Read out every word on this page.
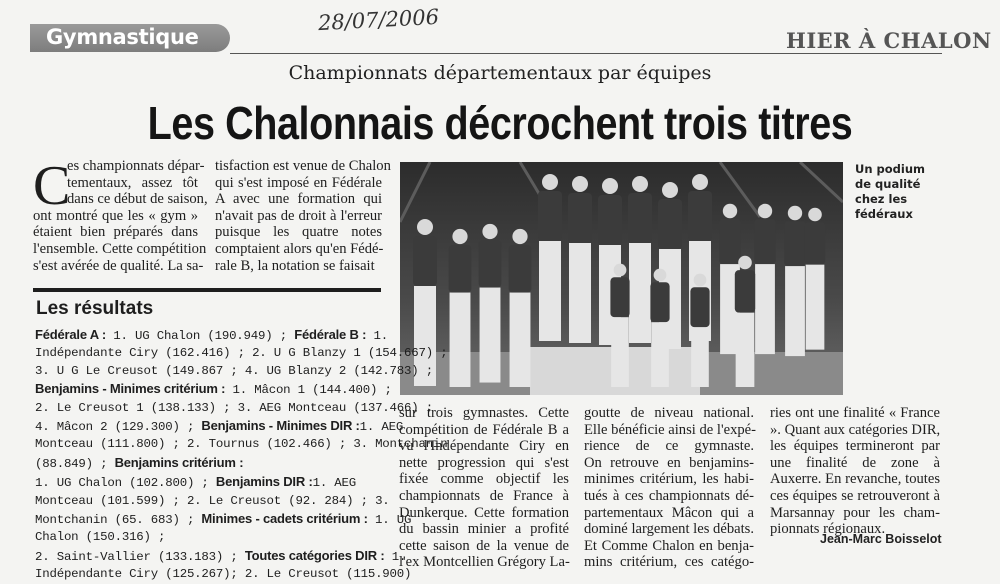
Gymnastique
28/07/2006
HIER À CHALON
Championnats départementaux par équipes
Les Chalonnais décrochent trois titres
C
es championnats dépar-
tementaux, assez tôt
dans ce début de saison,
ont montré que les « gym »
étaient bien préparés dans
l'ensemble. Cette compétition
s'est avérée de qualité. La sa-
tisfaction est venue de Chalon
qui s'est imposé en Fédérale
A avec une formation qui
n'avait pas de droit à l'erreur
puisque les quatre notes
comptaient alors qu'en Fédé-
rale B, la notation se faisait
sur trois gymnastes. Cette
compétition de Fédérale B a
vu l'Indépendante Ciry en
nette progression qui s'est
fixée comme objectif les
championnats de France à
Dunkerque. Cette formation
du bassin minier a profité
cette saison de la venue de
l'ex Montcellien Grégory La-
goutte de niveau national.
Elle bénéficie ainsi de l'expé-
rience de ce gymnaste.
On retrouve en benjamins-
minimes critérium, les habi-
tués à ces championnats dé-
partementaux Mâcon qui a
dominé largement les débats.
Et Comme Chalon en benja-
mins critérium, ces catégo-
ries ont une finalité « France
». Quant aux catégories DIR,
les équipes termineront par
une finalité de zone à
Auxerre. En revanche, toutes
ces équipes se retrouveront à
Marsannay pour les cham-
pionnats régionaux.
Un podium
de qualité
chez les
fédéraux
Les résultats
Fédérale A : 1. UG Chalon (190.949) ; Fédérale B : 1.
Indépendante Ciry (162.416) ; 2. U G Blanzy 1 (154.667) ;
3. U G Le Creusot (149.867 ; 4. UG Blanzy 2 (142.783) ;
Benjamins - Minimes critérium : 1. Mâcon 1 (144.400) ;
2. Le Creusot 1 (138.133) ; 3. AEG Montceau (137.466) ;
4. Mâcon 2 (129.300) ; Benjamins - Minimes DIR :1. AEG
Montceau (111.800) ; 2. Tournus (102.466) ; 3. Montchanin
(88.849) ; Benjamins critérium :
1. UG Chalon (102.800) ; Benjamins DIR :1. AEG
Montceau (101.599) ; 2. Le Creusot (92. 284) ; 3.
Montchanin (65. 683) ; Minimes - cadets critérium : 1. UG
Chalon (150.316) ;
2. Saint-Vallier (133.183) ; Toutes catégories DIR : 1.
Indépendante Ciry (125.267); 2. Le Creusot (115.900)
Jean-Marc Boisselot
